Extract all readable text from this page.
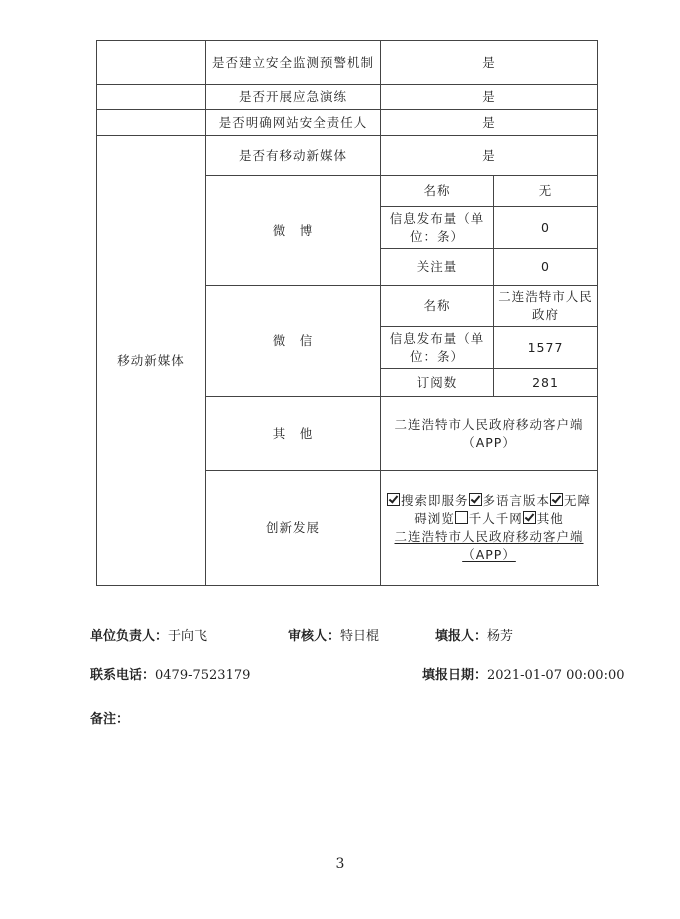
	是否建立安全监测预警机制	是	
	是否开展应急演练	是	
	是否明确网站安全责任人	是	
移动新媒体	是否有移动新媒体	是	
	微　博	名称	无
		信息发布量（单位：条）	0
		关注量	0
	微　信	名称	二连浩特市人民政府
		信息发布量（单位：条）	1577
		订阅数	281
	其　他	二连浩特市人民政府移动客户端（APP）	
	创新发展	搜索即服务 多语言版本 无障碍浏览 千人千网 其他
二连浩特市人民政府移动客户端（APP）	
单位负责人：于向飞	审核人：特日棍	填报人：杨芳
联系电话：0479-7523179	填报日期：2021-01-07 00:00:00
备注：
3
